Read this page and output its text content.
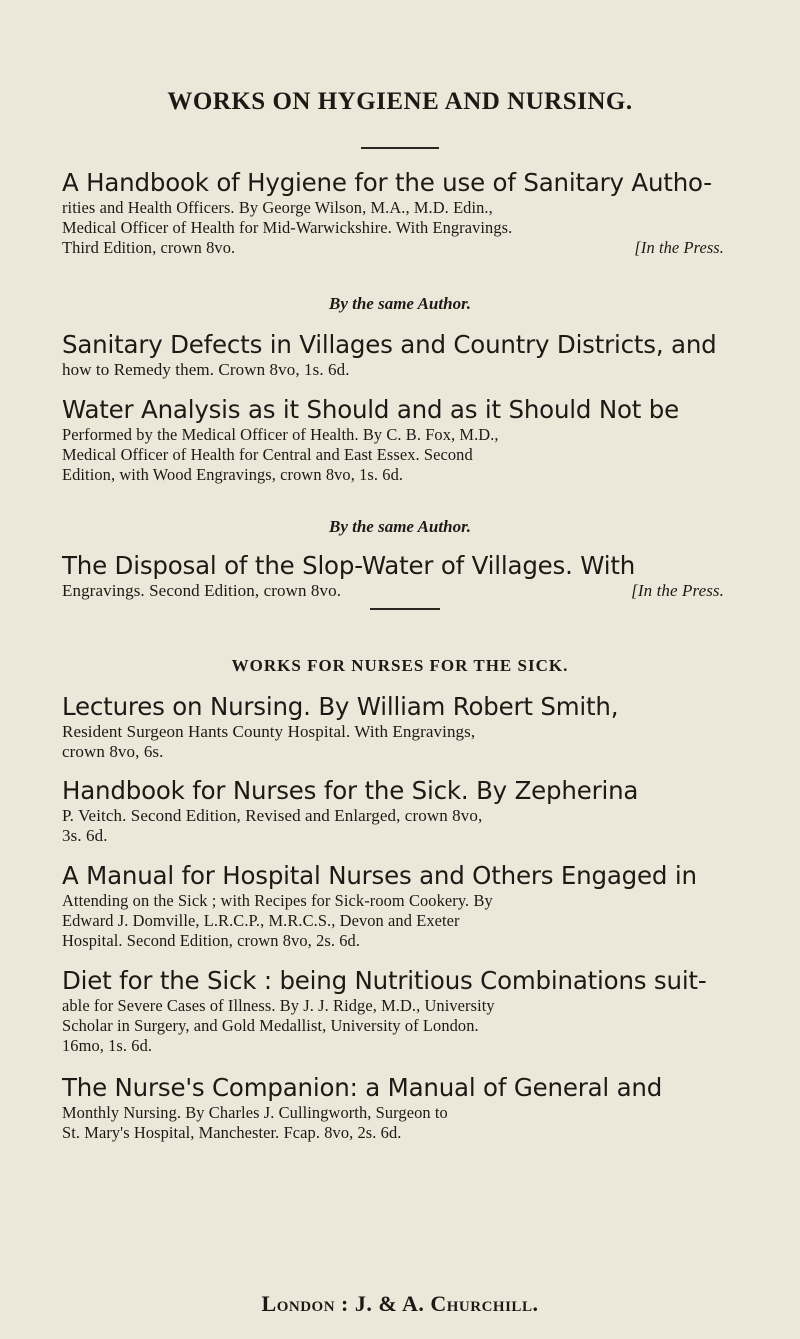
WORKS ON HYGIENE AND NURSING.
A Handbook of Hygiene for the use of Sanitary Autho-
rities and Health Officers. By George Wilson, M.A., M.D. Edin.,
Medical Officer of Health for Mid-Warwickshire. With Engravings.
[In the Press.
Third Edition, crown 8vo.
By the same Author.
Sanitary Defects in Villages and Country Districts, and
how to Remedy them. Crown 8vo, 1s. 6d.
Water Analysis as it Should and as it Should Not be
Performed by the Medical Officer of Health. By C. B. Fox, M.D.,
Medical Officer of Health for Central and East Essex. Second
Edition, with Wood Engravings, crown 8vo, 1s. 6d.
By the same Author.
The Disposal of the Slop-Water of Villages. With
[In the Press.
Engravings. Second Edition, crown 8vo.
WORKS FOR NURSES FOR THE SICK.
Lectures on Nursing. By William Robert Smith,
Resident Surgeon Hants County Hospital. With Engravings,
crown 8vo, 6s.
Handbook for Nurses for the Sick. By Zepherina
P. Veitch. Second Edition, Revised and Enlarged, crown 8vo,
3s. 6d.
A Manual for Hospital Nurses and Others Engaged in
Attending on the Sick ; with Recipes for Sick-room Cookery. By
Edward J. Domville, L.R.C.P., M.R.C.S., Devon and Exeter
Hospital. Second Edition, crown 8vo, 2s. 6d.
Diet for the Sick : being Nutritious Combinations suit-
able for Severe Cases of Illness. By J. J. Ridge, M.D., University
Scholar in Surgery, and Gold Medallist, University of London.
16mo, 1s. 6d.
The Nurse's Companion: a Manual of General and
Monthly Nursing. By Charles J. Cullingworth, Surgeon to
St. Mary's Hospital, Manchester. Fcap. 8vo, 2s. 6d.
London : J. & A. Churchill.
